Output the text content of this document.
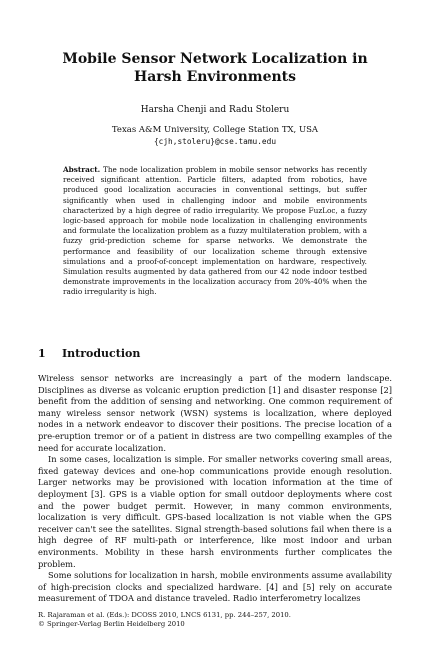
Mobile Sensor Network Localization in Harsh Environments
Harsha Chenji and Radu Stoleru
Texas A&M University, College Station TX, USA
{cjh,stoleru}@cse.tamu.edu
Abstract. The node localization problem in mobile sensor networks has recently received significant attention. Particle filters, adapted from robotics, have produced good localization accuracies in conventional settings, but suffer significantly when used in challenging indoor and mobile environments characterized by a high degree of radio irregularity. We propose FuzLoc, a fuzzy logic-based approach for mobile node localization in challenging environments and formulate the localization problem as a fuzzy multilateration problem, with a fuzzy grid-prediction scheme for sparse networks. We demonstrate the performance and feasibility of our localization scheme through extensive simulations and a proof-of-concept implementation on hardware, respectively. Simulation results augmented by data gathered from our 42 node indoor testbed demonstrate improvements in the localization accuracy from 20%-40% when the radio irregularity is high.
1 Introduction

Wireless sensor networks are increasingly a part of the modern landscape. Disciplines as diverse as volcanic eruption prediction [1] and disaster response [2] benefit from the addition of sensing and networking. One common requirement of many wireless sensor network (WSN) systems is localization, where deployed nodes in a network endeavor to discover their positions. The precise location of a pre-eruption tremor or of a patient in distress are two compelling examples of the need for accurate localization.

In some cases, localization is simple. For smaller networks covering small areas, fixed gateway devices and one-hop communications provide enough resolution. Larger networks may be provisioned with location information at the time of deployment [3]. GPS is a viable option for small outdoor deployments where cost and the power budget permit. However, in many common environments, localization is very difficult. GPS-based localization is not viable when the GPS receiver can't see the satellites. Signal strength-based solutions fail when there is a high degree of RF multi-path or interference, like most indoor and urban environments. Mobility in these harsh environments further complicates the problem.

Some solutions for localization in harsh, mobile environments assume availability of high-precision clocks and specialized hardware. [4] and [5] rely on accurate measurement of TDOA and distance traveled. Radio interferometry localizes

R. Rajaraman et al. (Eds.): DCOSS 2010, LNCS 6131, pp. 244–257, 2010.
© Springer-Verlag Berlin Heidelberg 2010
